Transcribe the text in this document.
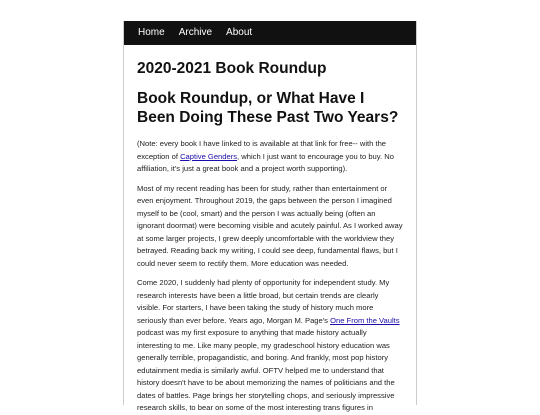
Home Archive About
2020-2021 Book Roundup
Book Roundup, or What Have I Been Doing These Past Two Years?

(Note: every book I have linked to is available at that link for free-- with the exception of Captive Genders, which I just want to encourage you to buy. No affiliation, it's just a great book and a project worth supporting).

Most of my recent reading has been for study, rather than entertainment or even enjoyment. Throughout 2019, the gaps between the person I imagined myself to be (cool, smart) and the person I was actually being (often an ignorant doormat) were becoming visible and acutely painful. As I worked away at some larger projects, I grew deeply uncomfortable with the worldview they betrayed. Reading back my writing, I could see deep, fundamental flaws, but I could never seem to rectify them. More education was needed.

Come 2020, I suddenly had plenty of opportunity for independent study. My research interests have been a little broad, but certain trends are clearly visible. For starters, I have been taking the study of history much more seriously than ever before. Years ago, Morgan M. Page's One From the Vaults podcast was my first exposure to anything that made history actually interesting to me. Like many people, my gradeschool history education was generally terrible, propagandistic, and boring. And frankly, most pop history edutainment media is similarly awful. OFTV helped me to understand that history doesn't have to be about memorizing the names of politicians and the dates of battles. Page brings her storytelling chops, and seriously impressive research skills, to bear on some of the most interesting trans figures in
